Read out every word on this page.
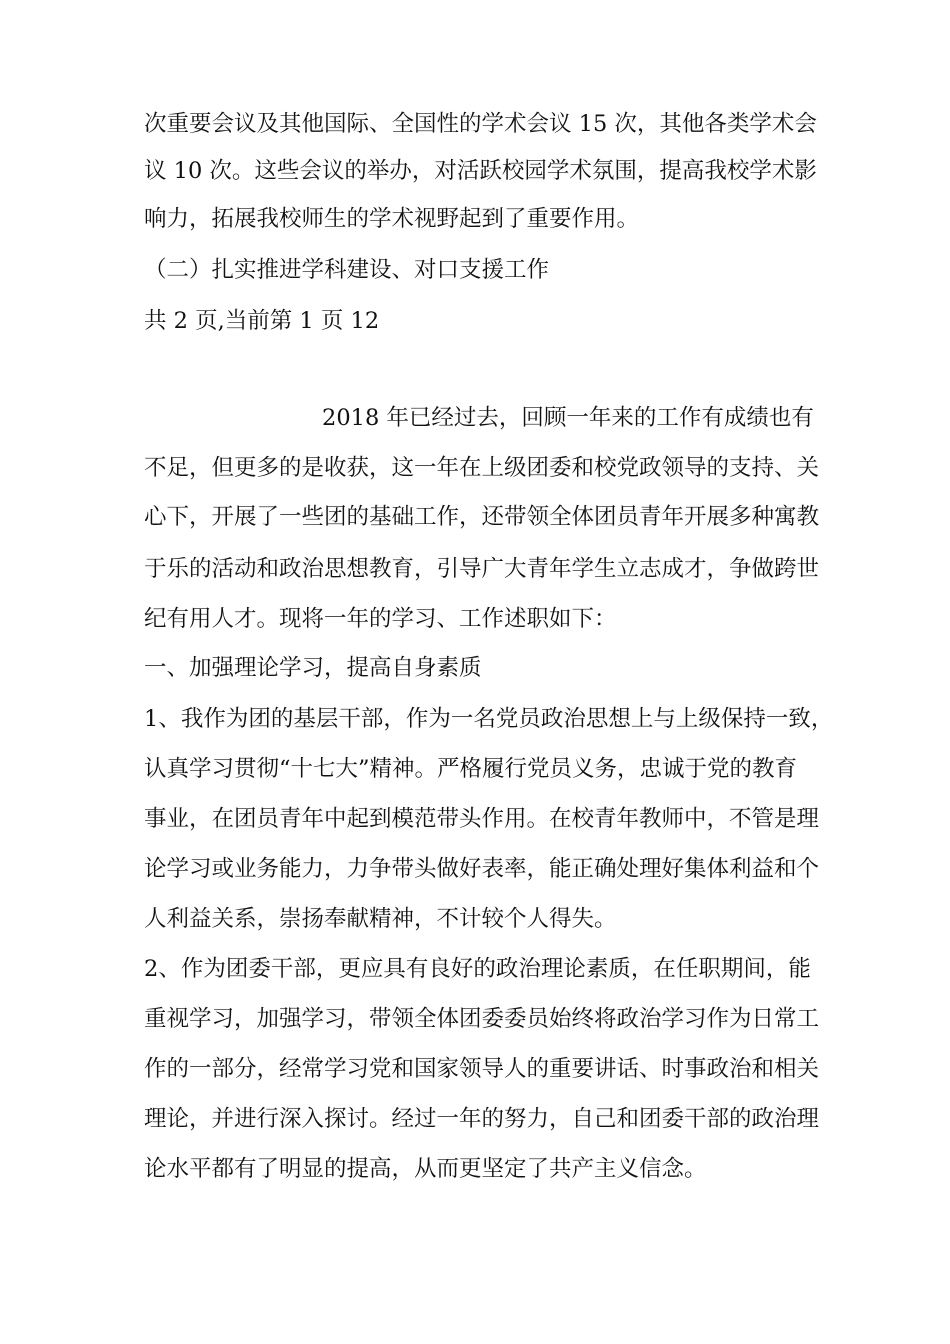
次重要会议及其他国际、全国性的学术会议 15 次，其他各类学术会
议 10 次。这些会议的举办，对活跃校园学术氛围，提高我校学术影
响力，拓展我校师生的学术视野起到了重要作用。
（二）扎实推进学科建设、对口支援工作
共 2 页,当前第 1 页 12
2018 年已经过去，回顾一年来的工作有成绩也有
不足，但更多的是收获，这一年在上级团委和校党政领导的支持、关
心下，开展了一些团的基础工作，还带领全体团员青年开展多种寓教
于乐的活动和政治思想教育，引导广大青年学生立志成才，争做跨世
纪有用人才。现将一年的学习、工作述职如下：
一、加强理论学习，提高自身素质
1、我作为团的基层干部，作为一名党员政治思想上与上级保持一致，
认真学习贯彻“十七大”精神。严格履行党员义务，忠诚于党的教育
事业，在团员青年中起到模范带头作用。在校青年教师中，不管是理
论学习或业务能力，力争带头做好表率，能正确处理好集体利益和个
人利益关系，崇扬奉献精神，不计较个人得失。
2、作为团委干部，更应具有良好的政治理论素质，在任职期间，能
重视学习，加强学习，带领全体团委委员始终将政治学习作为日常工
作的一部分，经常学习党和国家领导人的重要讲话、时事政治和相关
理论，并进行深入探讨。经过一年的努力，自己和团委干部的政治理
论水平都有了明显的提高，从而更坚定了共产主义信念。
